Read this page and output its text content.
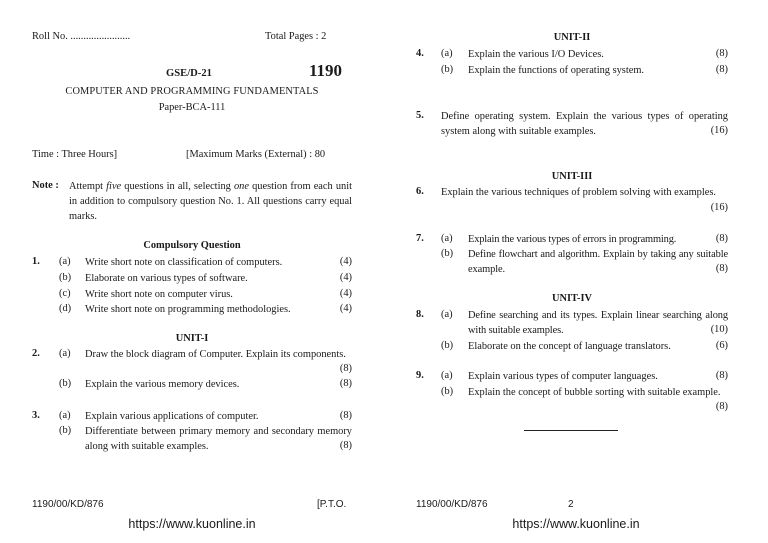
Roll No. .......................	Total Pages : 2
GSE/D-21	1190
COMPUTER AND PROGRAMMING FUNDAMENTALS
Paper-BCA-111
Time : Three Hours]	[Maximum Marks (External) : 80
Note : Attempt five questions in all, selecting one question from each unit in addition to compulsory question No. 1. All questions carry equal marks.
Compulsory Question
1. (a) Write short note on classification of computers.	(4)
(b) Elaborate on various types of software.	(4)
(c) Write short note on computer virus.	(4)
(d) Write short note on programming methodologies.	(4)
UNIT-I
2. (a) Draw the block diagram of Computer. Explain its components.
(8)
(b) Explain the various memory devices.	(8)
3. (a) Explain various applications of computer.	(8)
(b) Differentiate between primary memory and secondary memory along with suitable examples.	(8)
1190/00/KD/876	[P.T.O.
https://www.kuonline.in
UNIT-II
4. (a) Explain the various I/O Devices.	(8)
(b) Explain the functions of operating system.	(8)
5. Define operating system. Explain the various types of operating system along with suitable examples.	(16)
UNIT-III
6. Explain the various techniques of problem solving with examples.
(16)
7. (a) Explain the various types of errors in programming.	(8)
(b) Define flowchart and algorithm. Explain by taking any suitable example.	(8)
UNIT-IV
8. (a) Define searching and its types. Explain linear searching along with suitable examples.	(10)
(b) Elaborate on the concept of language translators.	(6)
9. (a) Explain various types of computer languages.	(8)
(b) Explain the concept of bubble sorting with suitable example.
(8)
1190/00/KD/876	2
https://www.kuonline.in
